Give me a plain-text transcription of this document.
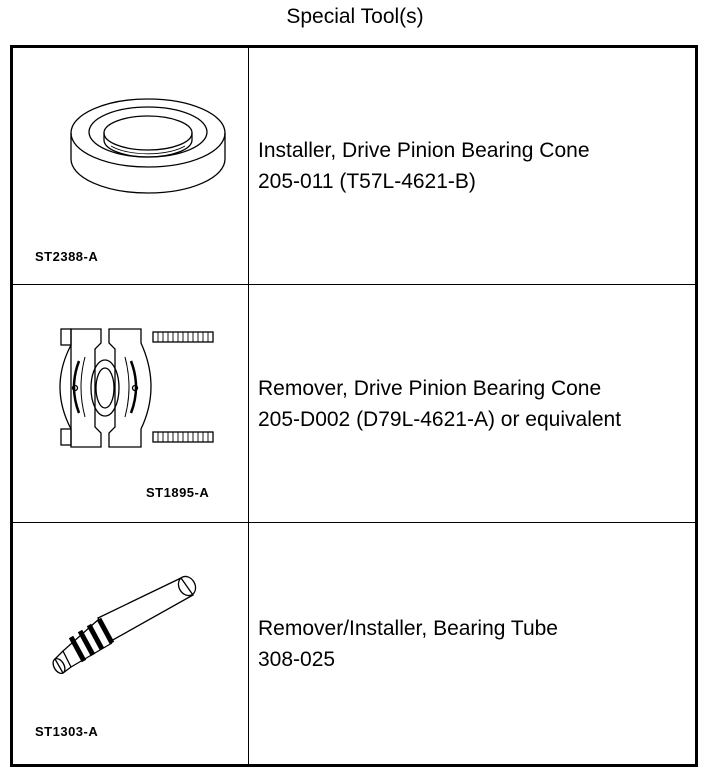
Special Tool(s)
ST2388-A	Installer, Drive Pinion Bearing Cone
205-011 (T57L-4621-B)

ST1895-A	Remover, Drive Pinion Bearing Cone
205-D002 (D79L-4621-A) or equivalent

ST1303-A	Remover/Installer, Bearing Tube
308-025
